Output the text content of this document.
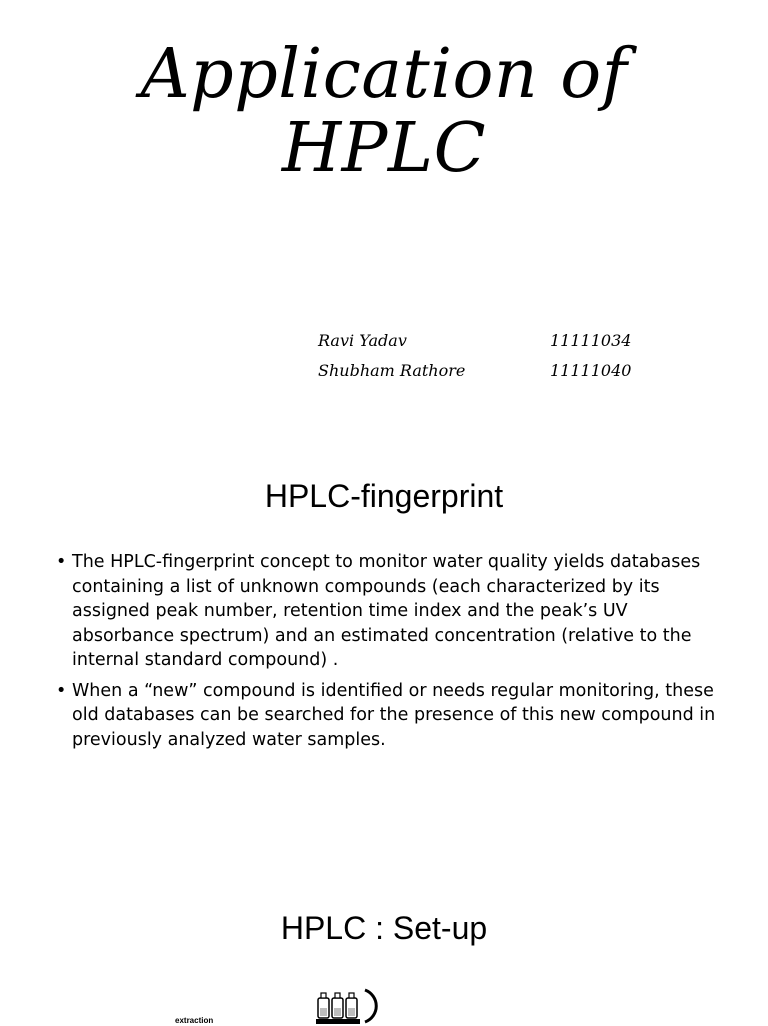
Application of
HPLC
Ravi Yadav	11111034
Shubham Rathore	11111040
HPLC-fingerprint
• The HPLC-fingerprint concept to monitor water quality yields databases containing a list of unknown compounds (each characterized by its assigned peak number, retention time index and the peak’s UV absorbance spectrum) and an estimated concentration (relative to the internal standard compound) .
• When a “new” compound is identified or needs regular monitoring, these old databases can be searched for the presence of this new compound in previously analyzed water samples.
HPLC : Set-up
extraction
